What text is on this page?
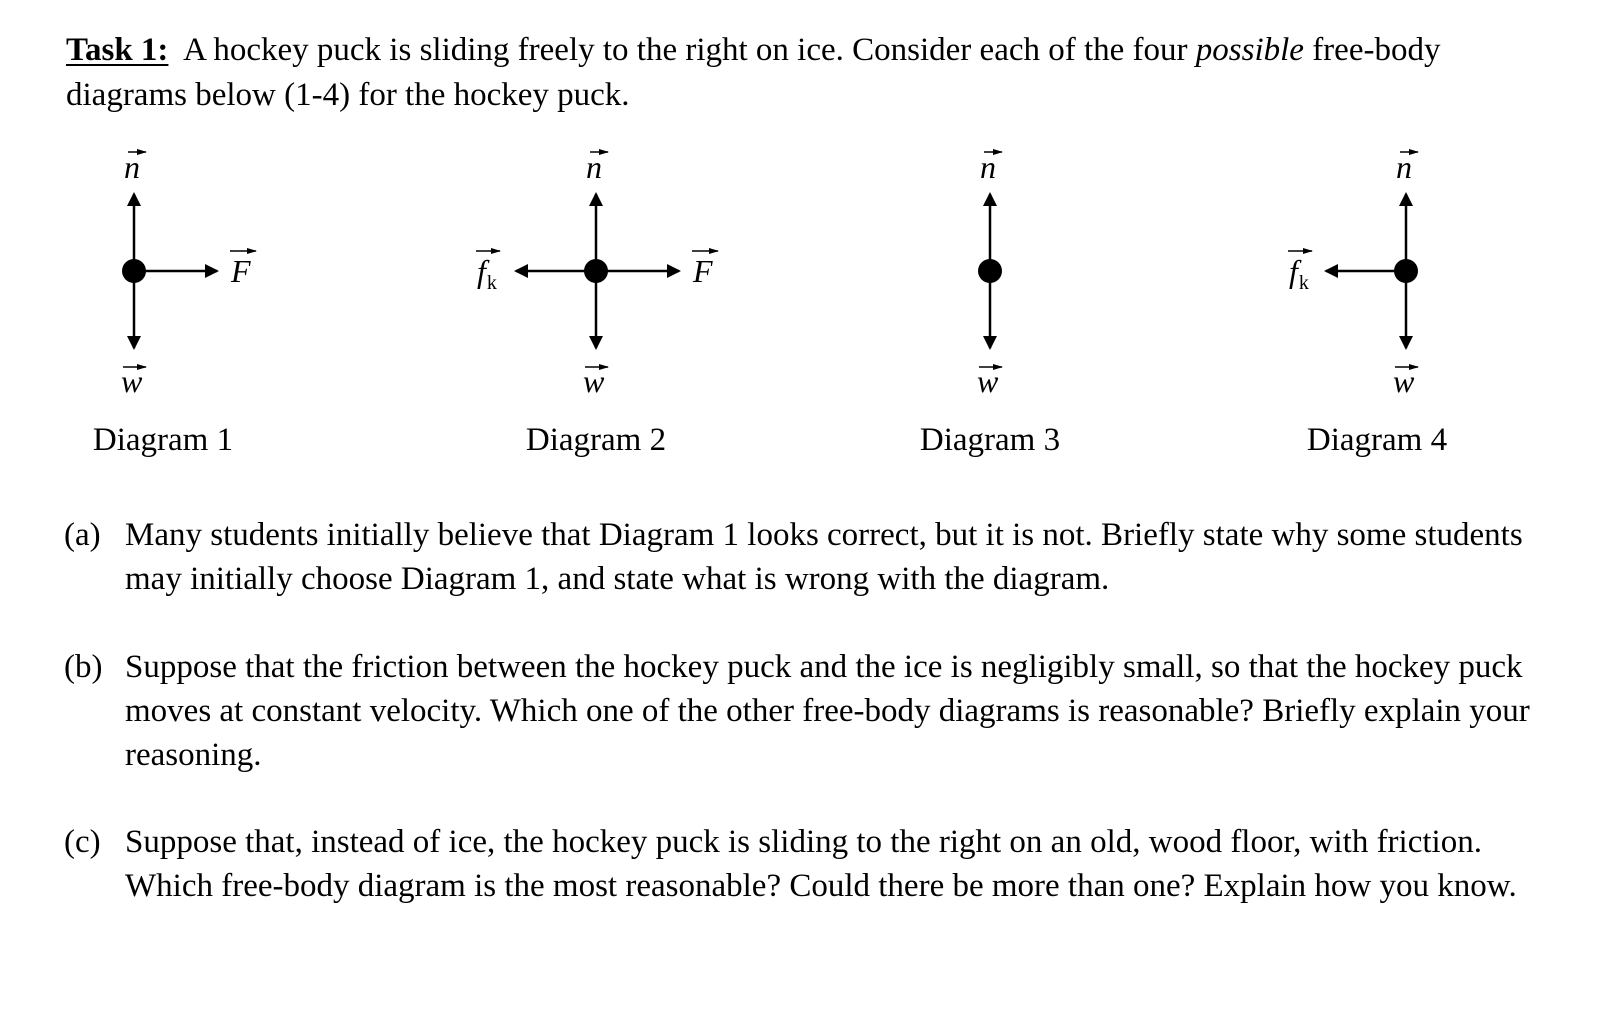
Task 1: A hockey puck is sliding freely to the right on ice. Consider each of the four possible free-body diagrams below (1-4) for the hockey puck.
n
w
F
Diagram 1
n
w
F
$f_k$
Diagram 2
n
w
Diagram 3
n
w
$f_k$
Diagram 4
(a) Many students initially believe that Diagram 1 looks correct, but it is not. Briefly state why some students may initially choose Diagram 1, and state what is wrong with the diagram.
(b) Suppose that the friction between the hockey puck and the ice is negligibly small, so that the hockey puck moves at constant velocity. Which one of the other free-body diagrams is reasonable? Briefly explain your reasoning.
(c) Suppose that, instead of ice, the hockey puck is sliding to the right on an old, wood floor, with friction. Which free-body diagram is the most reasonable? Could there be more than one? Explain how you know.
